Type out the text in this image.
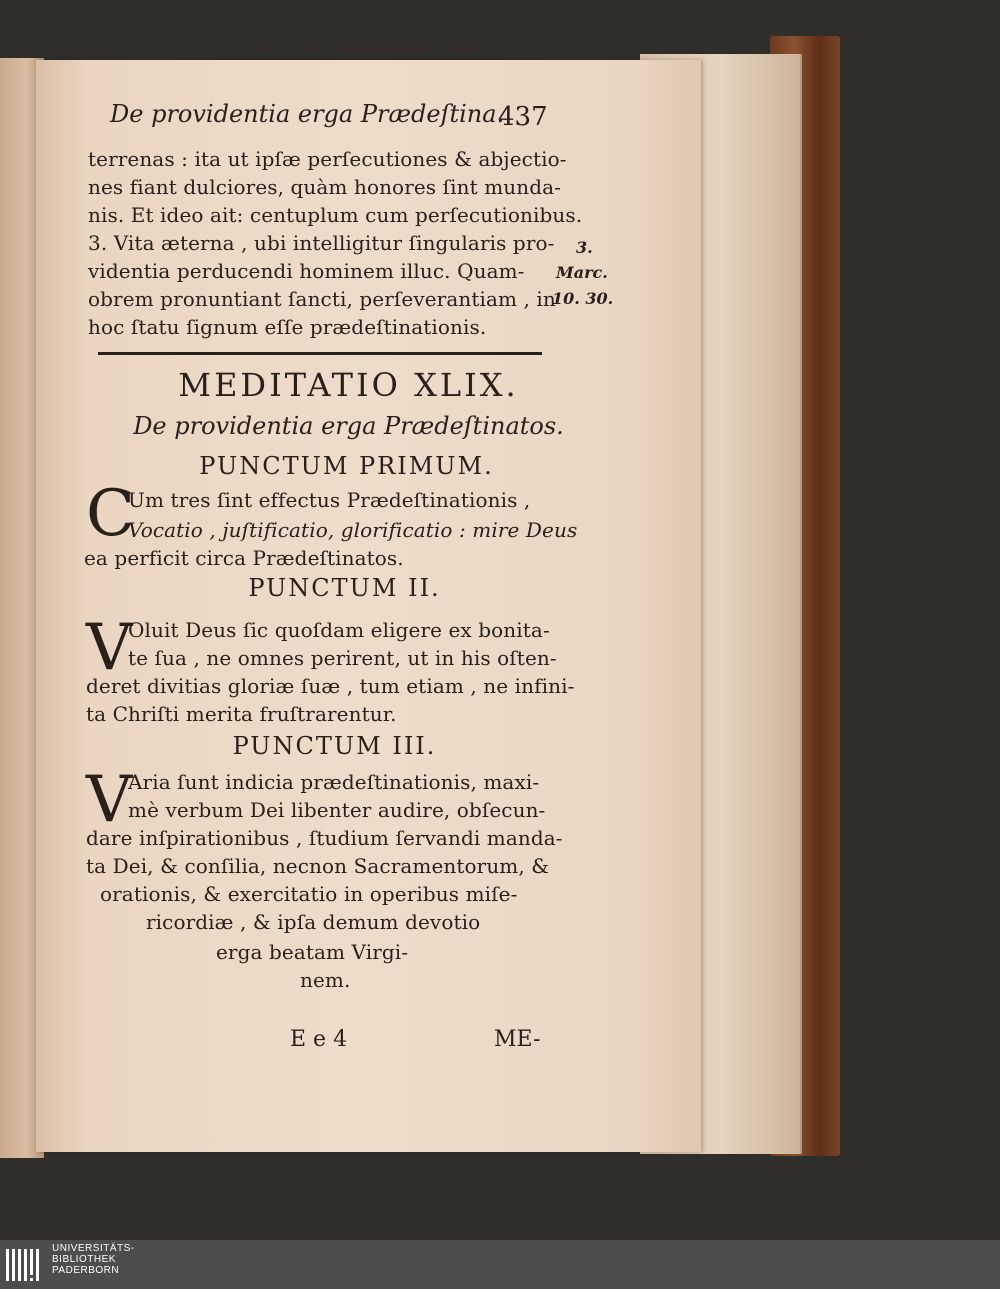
De providentia erga Prædeſtina.
437
terrenas : ita ut ipſæ perſecutiones & abjectio-
nes fiant dulciores, quàm honores ſint munda-
nis. Et ideo ait: centuplum cum perſecutionibus.
3. Vita æterna , ubi intelligitur ſingularis pro-
videntia perducendi hominem illuc. Quam-
obrem pronuntiant ſancti, perſeverantiam , in
hoc ſtatu ſignum eſſe prædeſtinationis.
3.
Marc.
10. 30.
MEDITATIO XLIX.
De providentia erga Prædeſtinatos.
PUNCTUM PRIMUM.
C
Um tres ſint effectus Prædeſtinationis ,
Vocatio , juſtificatio, glorificatio : mire Deus
ea perficit circa Prædeſtinatos.
PUNCTUM II.
V
Oluit Deus ſic quoſdam eligere ex bonita-
te ſua , ne omnes perirent, ut in his oſten-
deret divitias gloriæ ſuæ , tum etiam , ne infini-
ta Chriſti merita fruſtrarentur.
PUNCTUM III.
V
Aria ſunt indicia prædeſtinationis, maxi-
mè verbum Dei libenter audire, obſecun-
dare inſpirationibus , ſtudium ſervandi manda-
ta Dei, & conſilia, necnon Sacramentorum, &
orationis, & exercitatio in operibus miſe-
ricordiæ , & ipſa demum devotio
erga beatam Virgi-
nem.
E e 4	ME-
UNIVERSITÄTS-
BIBLIOTHEK
PADERBORN
